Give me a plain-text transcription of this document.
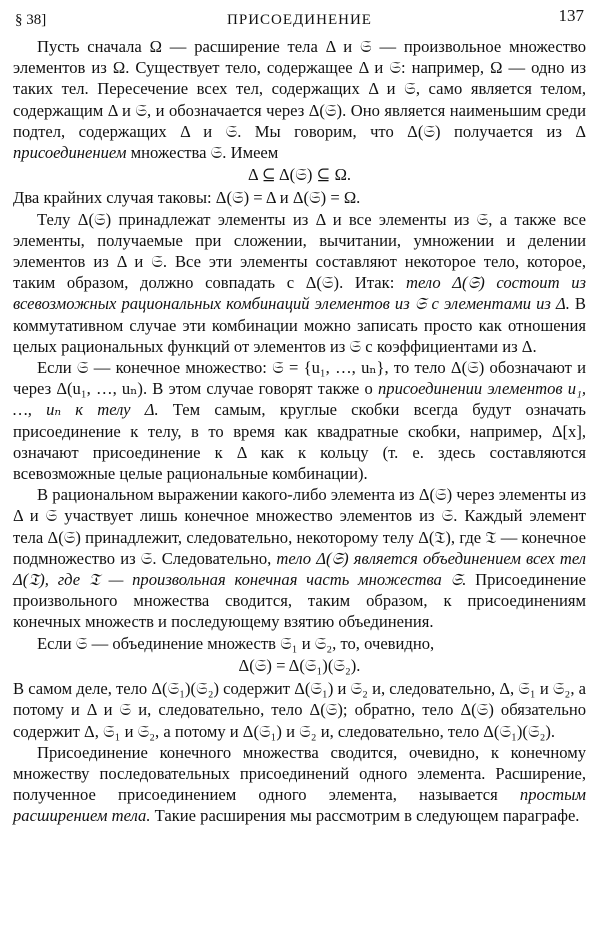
§ 38]	ПРИСОЕДИНЕНИЕ	137

Пусть сначала Ω — расширение тела Δ и 𝔖 — произвольное множество элементов из Ω. Существует тело, содержащее Δ и 𝔖: например, Ω — одно из таких тел. Пересечение всех тел, содержащих Δ и 𝔖, само является телом, содержащим Δ и 𝔖, и обозначается через Δ(𝔖). Оно является наименьшим среди подтел, содержащих Δ и 𝔖. Мы говорим, что Δ(𝔖) получается из Δ присоединением множества 𝔖. Имеем

Δ ⊆ Δ(𝔖) ⊆ Ω.

Два крайних случая таковы: Δ(𝔖) = Δ и Δ(𝔖) = Ω.

Телу Δ(𝔖) принадлежат элементы из Δ и все элементы из 𝔖, а также все элементы, получаемые при сложении, вычитании, умножении и делении элементов из Δ и 𝔖. Все эти элементы составляют некоторое тело, которое, таким образом, должно совпадать с Δ(𝔖). Итак: тело Δ(𝔖) состоит из всевозможных рациональных комбинаций элементов из 𝔖 с элементами из Δ. В коммутативном случае эти комбинации можно записать просто как отношения целых рациональных функций от элементов из 𝔖 с коэффициентами из Δ.

Если 𝔖 — конечное множество: 𝔖 = {u₁, …, uₙ}, то тело Δ(𝔖) обозначают и через Δ(u₁, …, uₙ). В этом случае говорят также о присоединении элементов u₁, …, uₙ к телу Δ. Тем самым, круглые скобки всегда будут означать присоединение к телу, в то время как квадратные скобки, например, Δ[x], означают присоединение к Δ как к кольцу (т. е. здесь составляются всевозможные целые рациональные комбинации).

В рациональном выражении какого-либо элемента из Δ(𝔖) через элементы из Δ и 𝔖 участвует лишь конечное множество элементов из 𝔖. Каждый элемент тела Δ(𝔖) принадлежит, следовательно, некоторому телу Δ(𝔗), где 𝔗 — конечное подмножество из 𝔖. Следовательно, тело Δ(𝔖) является объединением всех тел Δ(𝔗), где 𝔗 — произвольная конечная часть множества 𝔖. Присоединение произвольного множества сводится, таким образом, к присоединениям конечных множеств и последующему взятию объединения.

Если 𝔖 — объединение множеств 𝔖₁ и 𝔖₂, то, очевидно,

Δ(𝔖) = Δ(𝔖₁)(𝔖₂).

В самом деле, тело Δ(𝔖₁)(𝔖₂) содержит Δ(𝔖₁) и 𝔖₂ и, следовательно, Δ, 𝔖₁ и 𝔖₂, а потому и Δ и 𝔖 и, следовательно, тело Δ(𝔖); обратно, тело Δ(𝔖) обязательно содержит Δ, 𝔖₁ и 𝔖₂, а потому и Δ(𝔖₁) и 𝔖₂ и, следовательно, тело Δ(𝔖₁)(𝔖₂).

Присоединение конечного множества сводится, очевидно, к конечному множеству последовательных присоединений одного элемента. Расширение, полученное присоединением одного элемента, называется простым расширением тела. Такие расширения мы рассмотрим в следующем параграфе.
